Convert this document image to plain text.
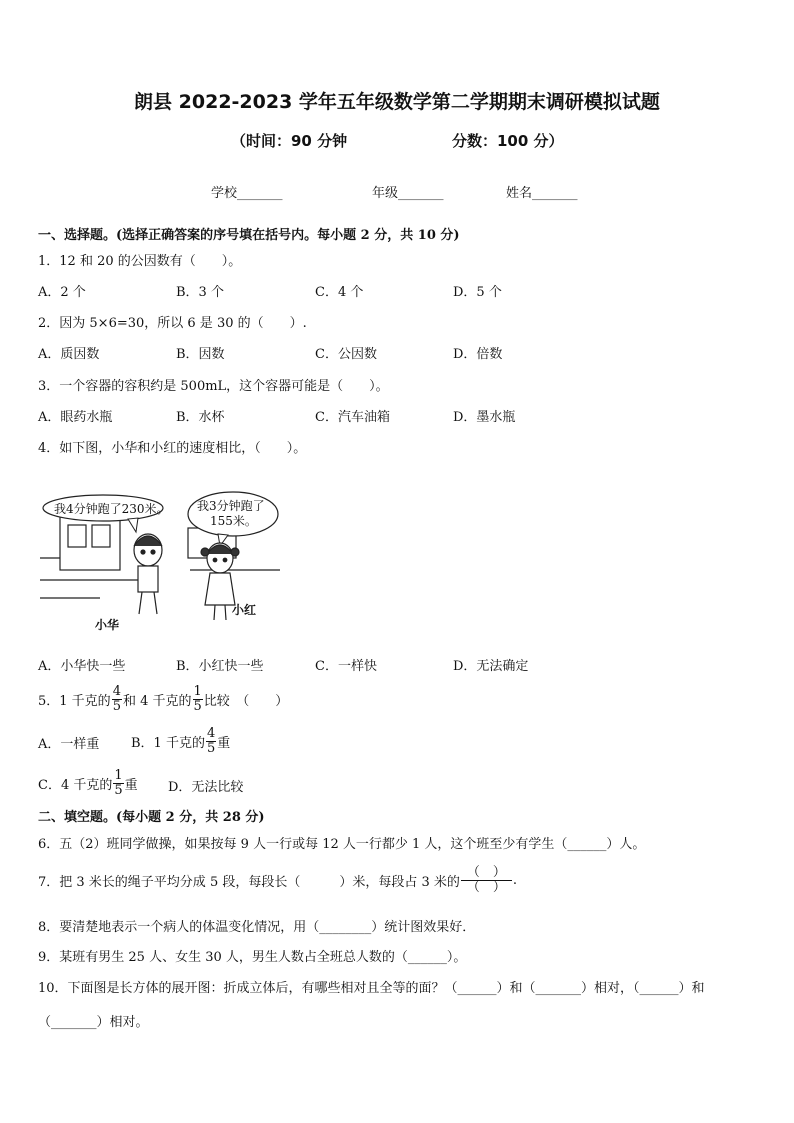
朗县 2022-2023 学年五年级数学第二学期期末调研模拟试题
（时间：90 分钟	分数：100 分）
学校_______	年级_______	姓名_______
一、选择题。(选择正确答案的序号填在括号内。每小题 2 分，共 10 分)
1．12 和 20 的公因数有（　　）。
A．2 个	B．3 个	C．4 个	D．5 个
2．因为 5×6=30，所以 6 是 30 的（　　）.
A．质因数	B．因数	C．公因数	D．倍数
3．一个容器的容积约是 500mL，这个容器可能是（　　）。
A．眼药水瓶	B．水杯	C．汽车油箱	D．墨水瓶
4．如下图，小华和小红的速度相比，（　　）。
我4分钟跑了230米。 我3分钟跑了
155米。
小华
小红
A．小华快一些	B．小红快一些	C．一样快	D．无法确定
5．1 千克的 $\frac{4}{5}$ 和 4 千克的 $\frac{1}{5}$ 比较　（　　）
A．一样重 B．1 千克的 $\frac{4}{5}$ 重
C．4 千克的 $\frac{1}{5}$ 重 D．无法比较
二、填空题。(每小题 2 分，共 28 分)
6．五（2）班同学做操，如果按每 9 人一行或每 12 人一行都少 1 人，这个班至少有学生（______）人。
7．把 3 米长的绳子平均分成 5 段，每段长（　　　）米，每段占 3 米的 $\frac{( )}{( )}$ .
8．要清楚地表示一个病人的体温变化情况，用（________）统计图效果好．
9．某班有男生 25 人、女生 30 人，男生人数占全班总人数的（______）。
10．下面图是长方体的展开图：折成立体后，有哪些相对且全等的面？（______）和（_______）相对，（______）和
（_______）相对。
